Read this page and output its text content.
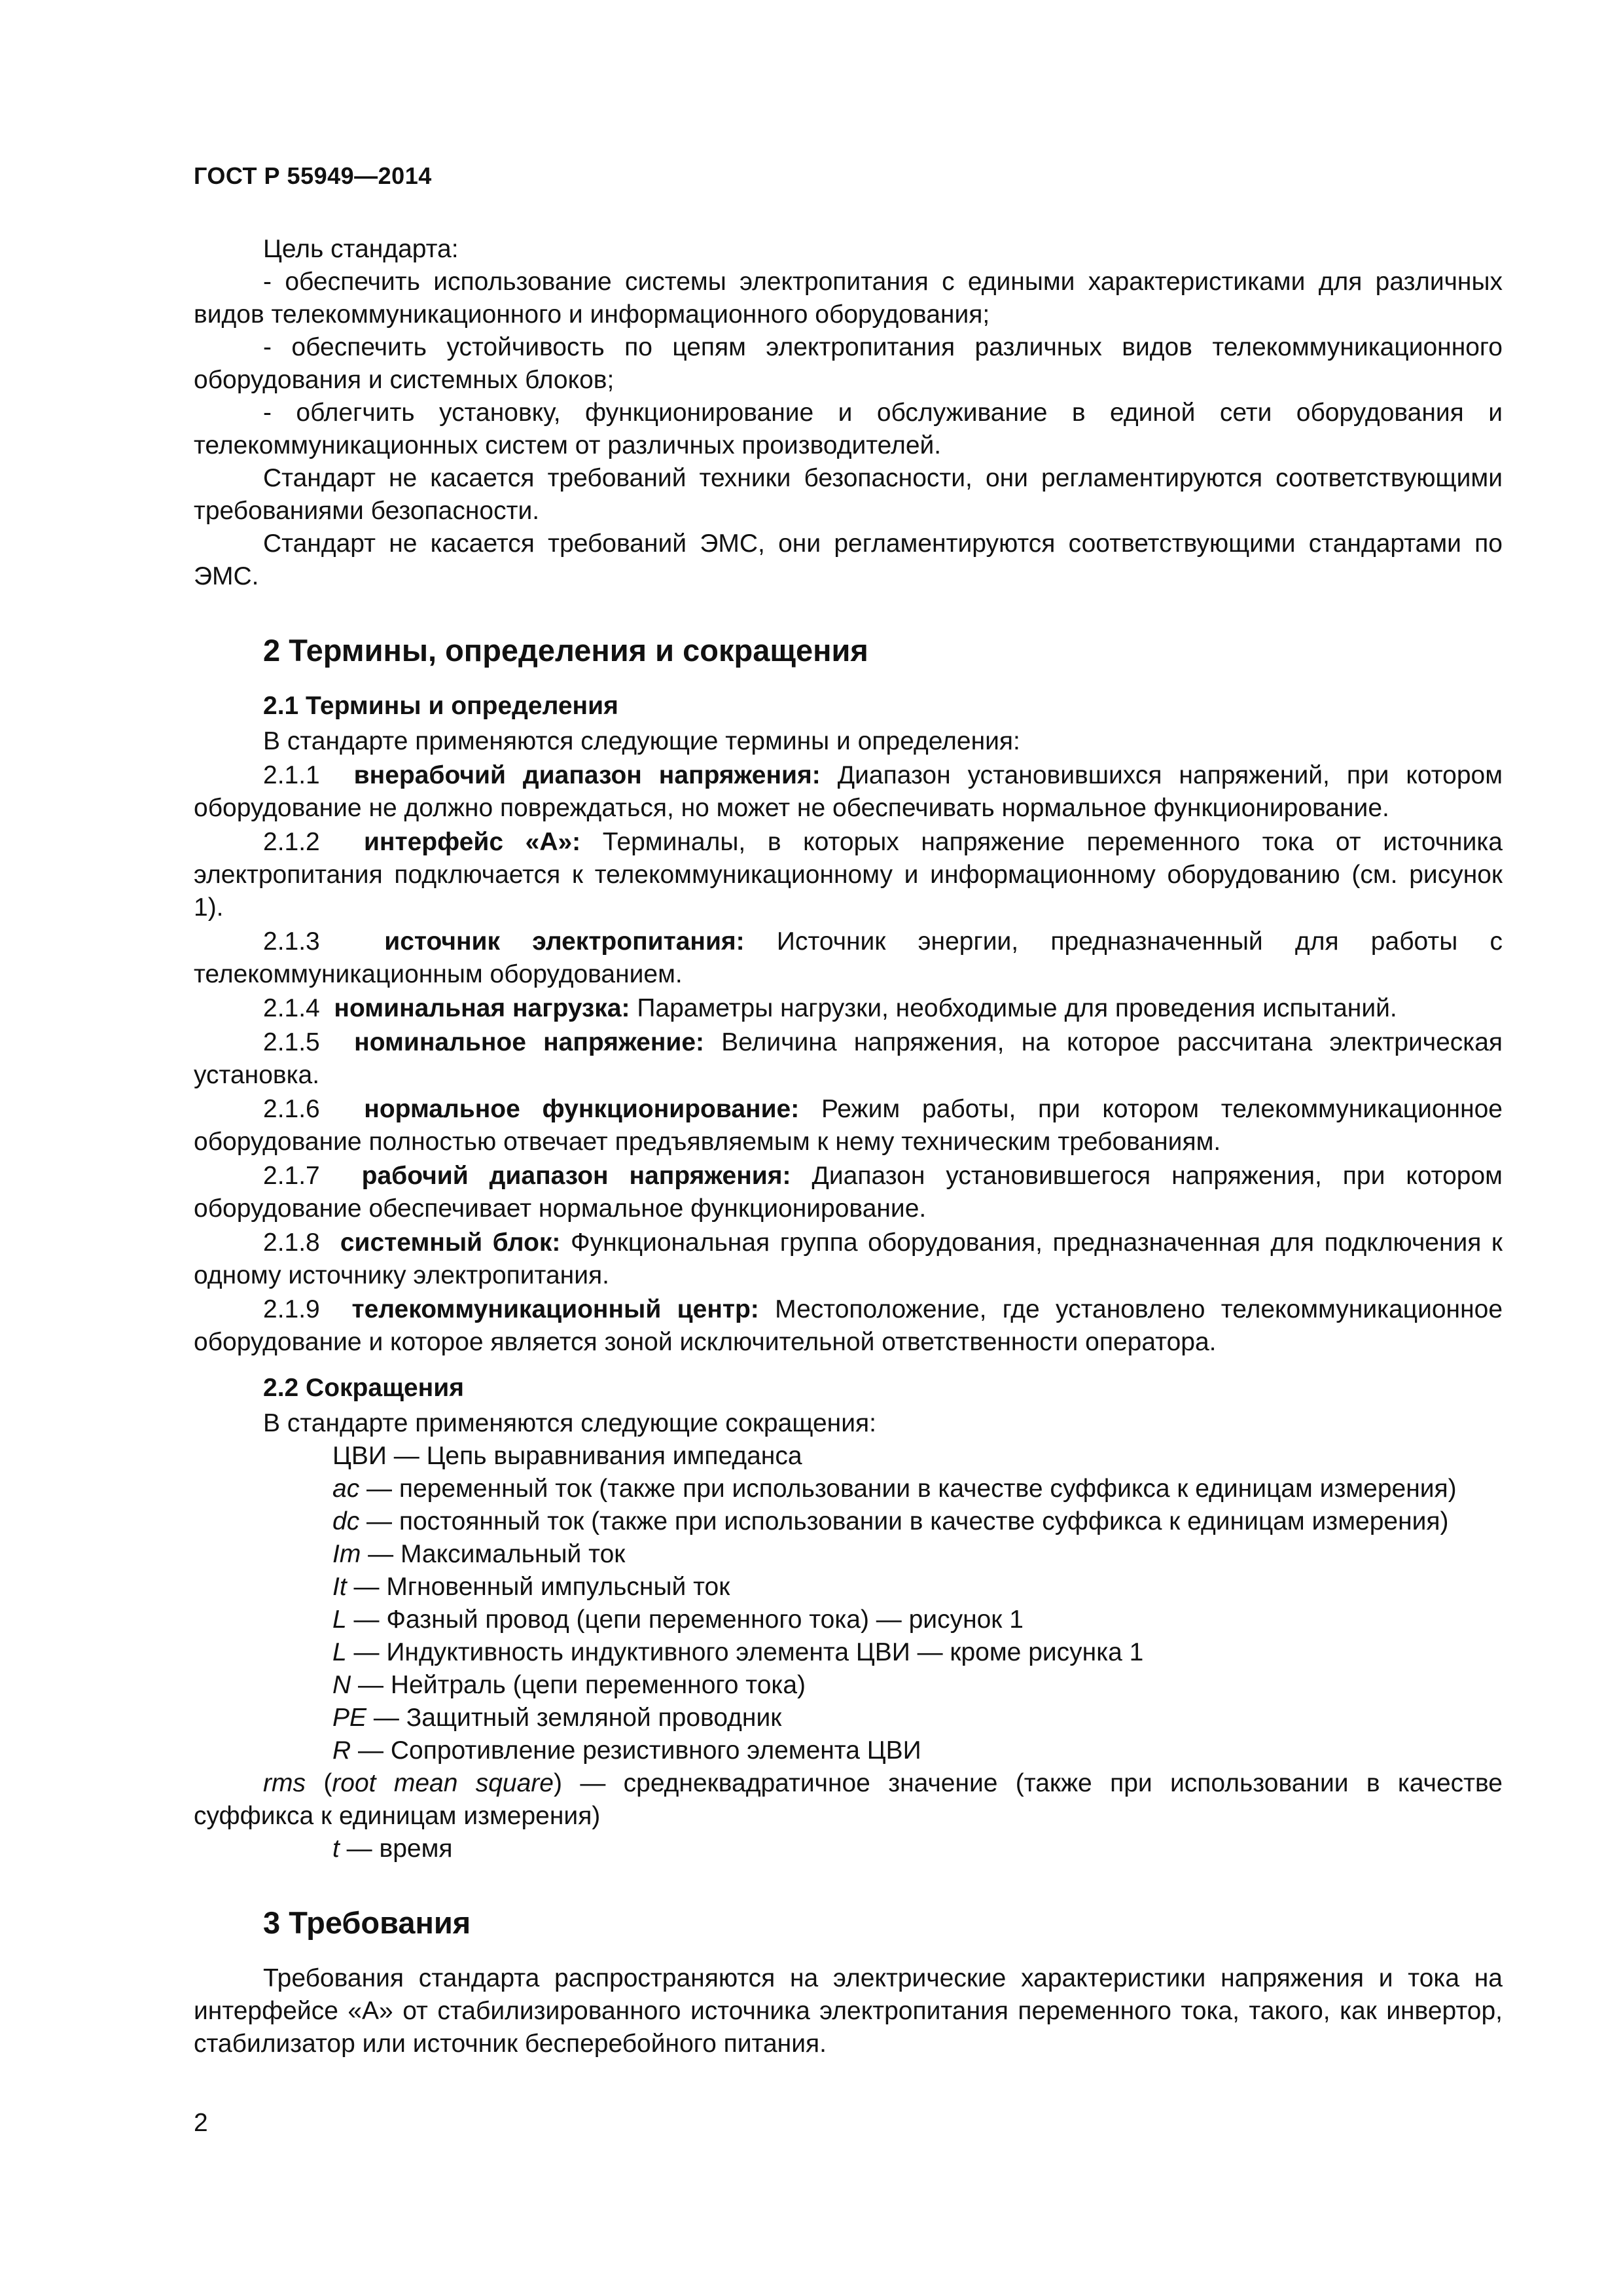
ГОСТ Р 55949—2014

Цель стандарта:

- обеспечить использование системы электропитания с едиными характеристиками для различных видов телекоммуникационного и информационного оборудования;

- обеспечить устойчивость по цепям электропитания различных видов телекоммуникационного оборудования и системных блоков;

- облегчить установку, функционирование и обслуживание в единой сети оборудования и телекоммуникационных систем от различных производителей.

Стандарт не касается требований техники безопасности, они регламентируются соответствующими требованиями безопасности.

Стандарт не касается требований ЭМС, они регламентируются соответствующими стандартами по ЭМС.

2 Термины, определения и сокращения
2.1 Термины и определения

В стандарте применяются следующие термины и определения:

2.1.1 внерабочий диапазон напряжения: Диапазон установившихся напряжений, при котором оборудование не должно повреждаться, но может не обеспечивать нормальное функционирование.

2.1.2 интерфейс «А»: Терминалы, в которых напряжение переменного тока от источника электропитания подключается к телекоммуникационному и информационному оборудованию (см. рисунок 1).

2.1.3	источник электропитания: Источник энергии, предназначенный для работы с телекоммуникационным оборудованием.

2.1.4 номинальная нагрузка: Параметры нагрузки, необходимые для проведения испытаний.

2.1.5 номинальное напряжение: Величина напряжения, на которое рассчитана электрическая установка.

2.1.6 нормальное функционирование: Режим работы, при котором телекоммуникационное оборудование полностью отвечает предъявляемым к нему техническим требованиям.

2.1.7 рабочий диапазон напряжения: Диапазон установившегося напряжения, при котором оборудование обеспечивает нормальное функционирование.

2.1.8 системный блок: Функциональная группа оборудования, предназначенная для подключения к одному источнику электропитания.

2.1.9 телекоммуникационный центр: Местоположение, где установлено телекоммуникационное оборудование и которое является зоной исключительной ответственности оператора.

2.2 Сокращения

В стандарте применяются следующие сокращения:

ЦВИ — Цепь выравнивания импеданса

ac — переменный ток (также при использовании в качестве суффикса к единицам измерения)

dc — постоянный ток (также при использовании в качестве суффикса к единицам измерения)

Im — Максимальный ток

It — Мгновенный импульсный ток

L — Фазный провод (цепи переменного тока) — рисунок 1

L — Индуктивность индуктивного элемента ЦВИ — кроме рисунка 1

N — Нейтраль (цепи переменного тока)

PE — Защитный земляной проводник

R — Сопротивление резистивного элемента ЦВИ

rms (root mean square) — среднеквадратичное значение (также при использовании в качестве суффикса к единицам измерения)

t — время

3 Требования

Требования стандарта распространяются на электрические характеристики напряжения и тока на интерфейсе «А» от стабилизированного источника электропитания переменного тока, такого, как инвертор, стабилизатор или источник бесперебойного питания.

2
